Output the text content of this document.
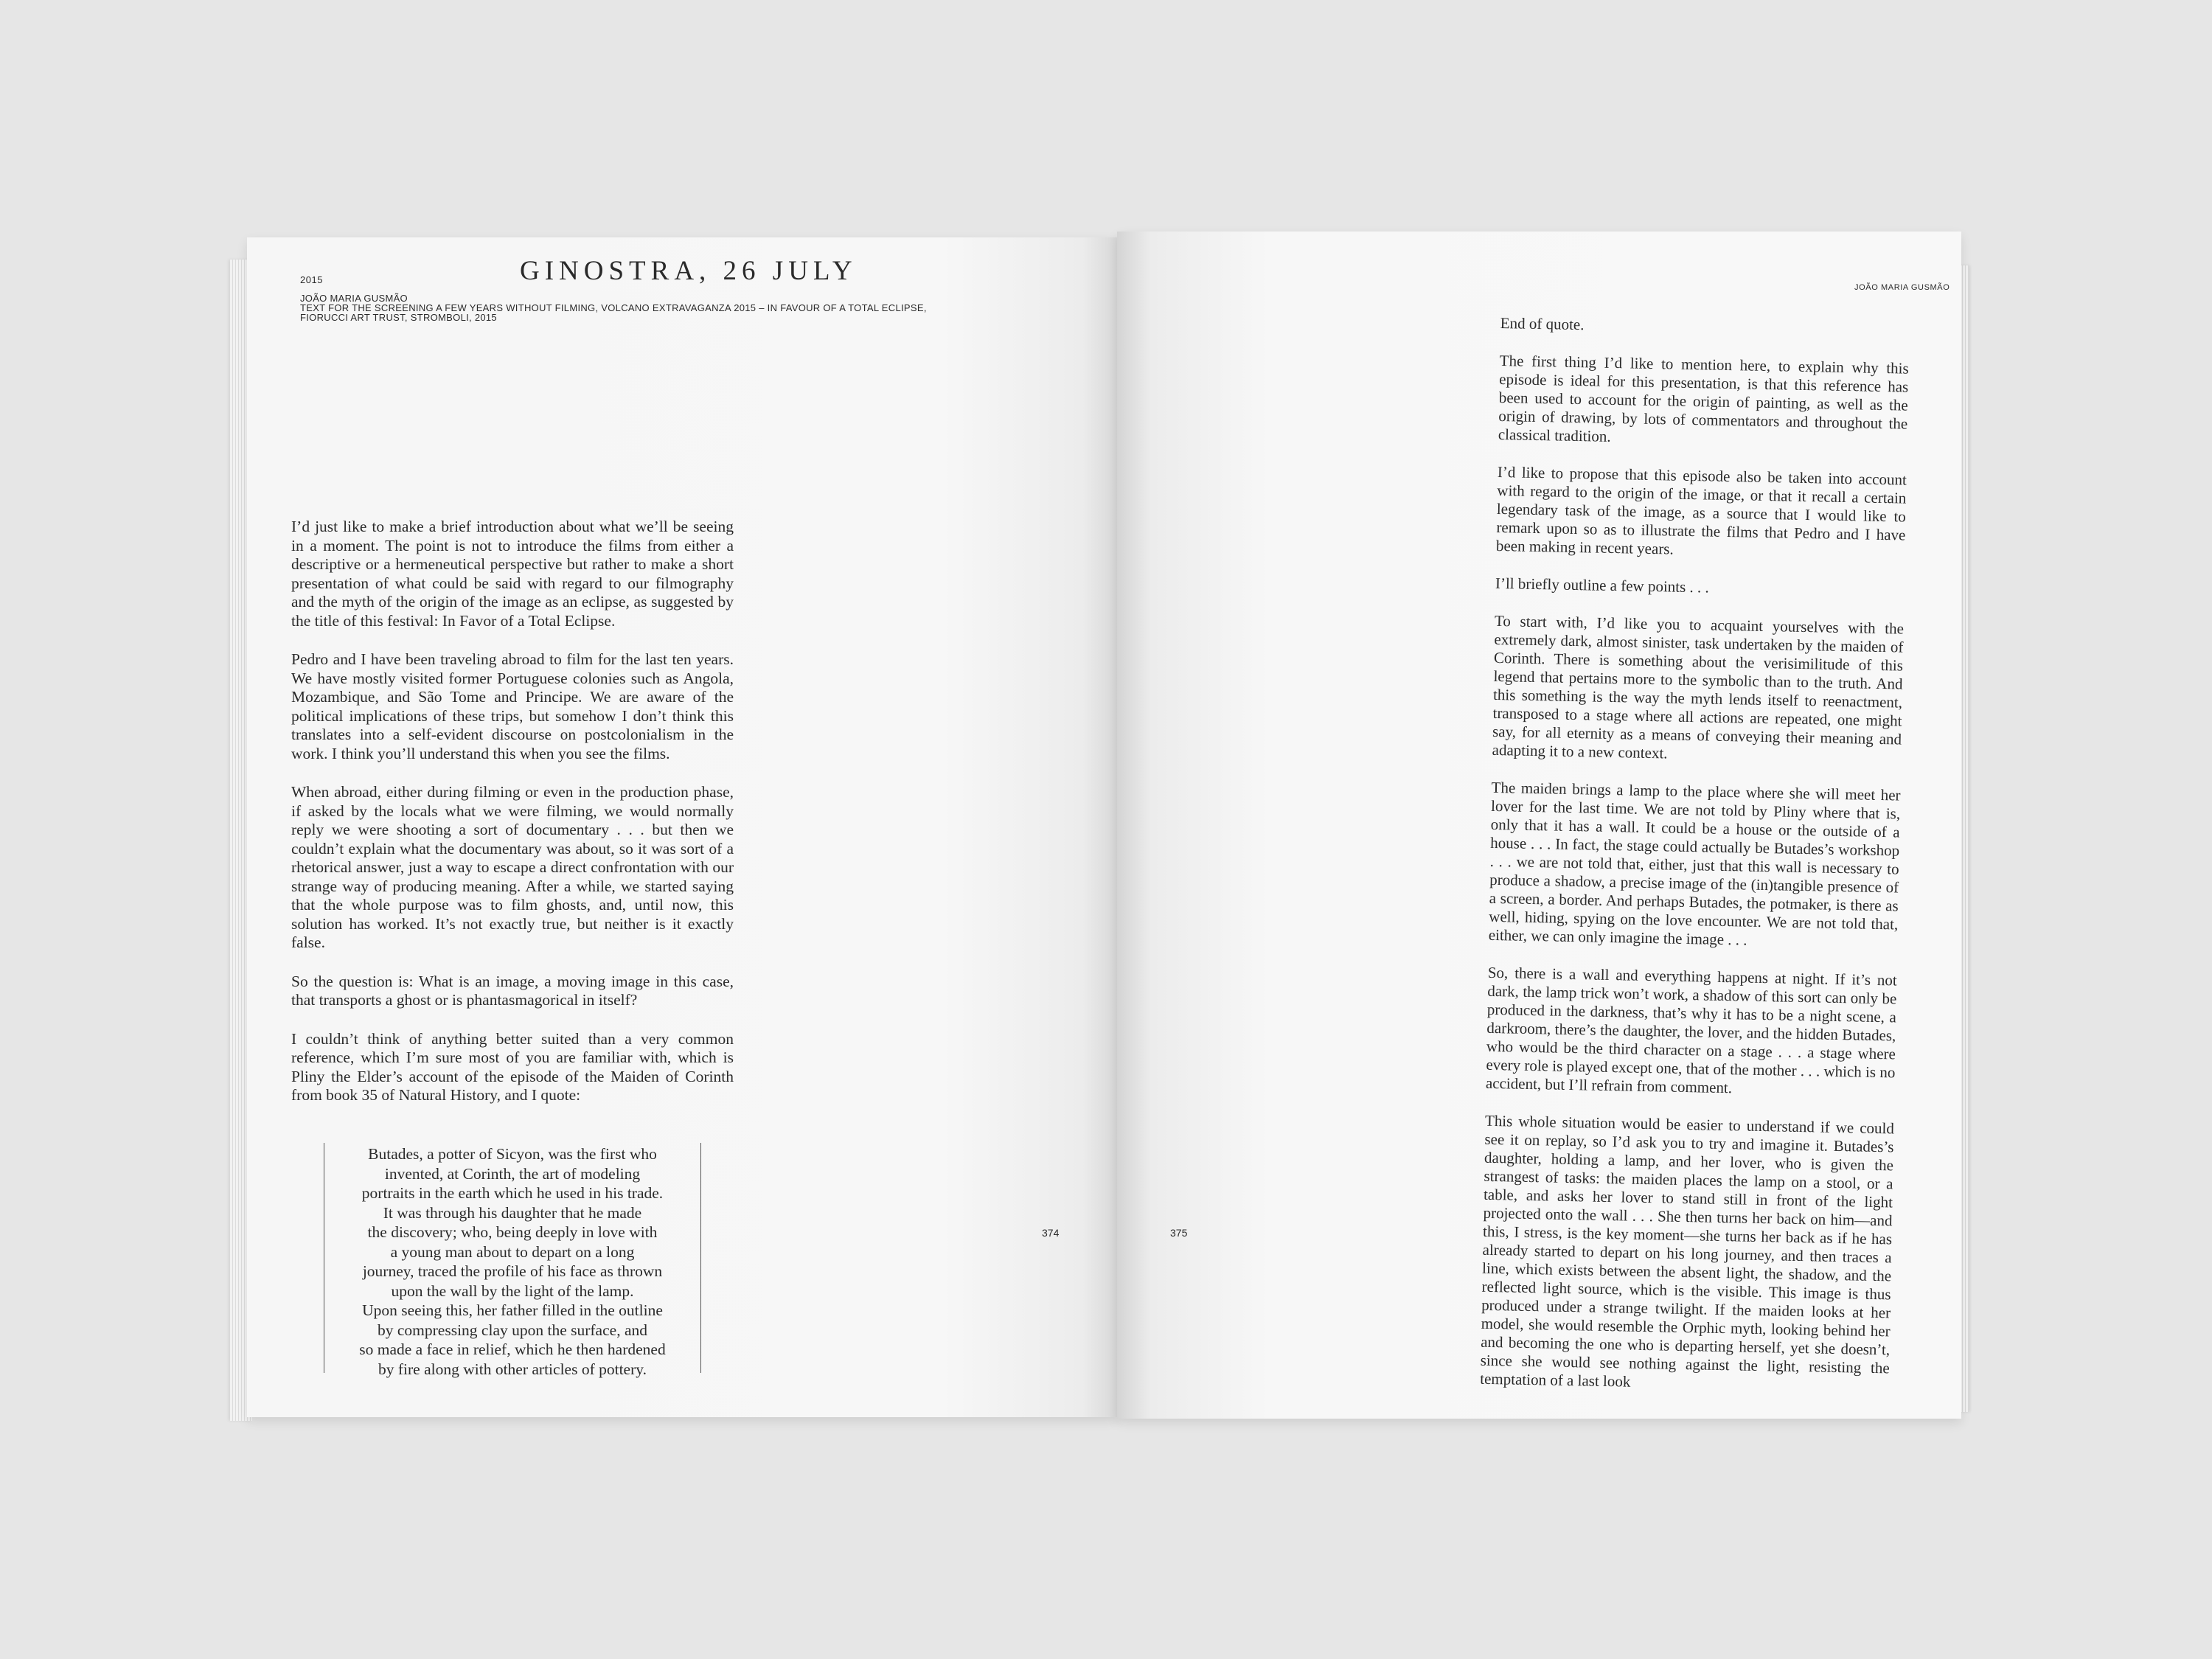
2015	GINOSTRA, 26 JULY
JOÃO MARIA GUSMÃO
TEXT FOR THE SCREENING A FEW YEARS WITHOUT FILMING, VOLCANO EXTRAVAGANZA 2015 – IN FAVOUR OF A TOTAL ECLIPSE,
FIORUCCI ART TRUST, STROMBOLI, 2015

I’d just like to make a brief introduction about what we’ll be seeing in a moment. The point is not to introduce the films from either a descriptive or a hermeneutical perspective but rather to make a short presentation of what could be said with regard to our filmography and the myth of the origin of the image as an eclipse, as suggested by the title of this festival: In Favor of a Total Eclipse.

Pedro and I have been traveling abroad to film for the last ten years. We have mostly visited former Portuguese colonies such as Angola, Mozambique, and São Tome and Principe. We are aware of the political implications of these trips, but somehow I don’t think this translates into a self-evident discourse on postcolonialism in the work. I think you’ll understand this when you see the films.

When abroad, either during filming or even in the production phase, if asked by the locals what we were filming, we would normally reply we were shooting a sort of documentary . . . but then we couldn’t explain what the documentary was about, so it was sort of a rhetorical answer, just a way to escape a direct confrontation with our strange way of producing meaning. After a while, we started saying that the whole purpose was to film ghosts, and, until now, this solution has worked. It’s not exactly true, but neither is it exactly false.

So the question is: What is an image, a moving image in this case, that transports a ghost or is phantasmagorical in itself?

I couldn’t think of anything better suited than a very common reference, which I’m sure most of you are familiar with, which is Pliny the Elder’s account of the episode of the Maiden of Corinth from book 35 of Natural History, and I quote:

Butades, a potter of Sicyon, was the first who
invented, at Corinth, the art of modeling
portraits in the earth which he used in his trade.
It was through his daughter that he made
the discovery; who, being deeply in love with
a young man about to depart on a long
journey, traced the profile of his face as thrown
upon the wall by the light of the lamp.
Upon seeing this, her father filled in the outline
by compressing clay upon the surface, and
so made a face in relief, which he then hardened
by fire along with other articles of pottery.
374
JOÃO MARIA GUSMÃO

End of quote.

The first thing I’d like to mention here, to explain why this episode is ideal for this presentation, is that this reference has been used to account for the origin of painting, as well as the origin of drawing, by lots of commentators and throughout the classical tradition.

I’d like to propose that this episode also be taken into account with regard to the origin of the image, or that it recall a certain legendary task of the image, as a source that I would like to remark upon so as to illustrate the films that Pedro and I have been making in recent years.

I’ll briefly outline a few points . . .

To start with, I’d like you to acquaint yourselves with the extremely dark, almost sinister, task undertaken by the maiden of Corinth. There is something about the verisimilitude of this legend that pertains more to the symbolic than to the truth. And this something is the way the myth lends itself to reenactment, transposed to a stage where all actions are repeated, one might say, for all eternity as a means of conveying their meaning and adapting it to a new context.

The maiden brings a lamp to the place where she will meet her lover for the last time. We are not told by Pliny where that is, only that it has a wall. It could be a house or the outside of a house . . . In fact, the stage could actually be Butades’s workshop . . . we are not told that, either, just that this wall is necessary to produce a shadow, a precise image of the (in)tangible presence of a screen, a border. And perhaps Butades, the potmaker, is there as well, hiding, spying on the love encounter. We are not told that, either, we can only imagine the image . . .

So, there is a wall and everything happens at night. If it’s not dark, the lamp trick won’t work, a shadow of this sort can only be produced in the darkness, that’s why it has to be a night scene, a darkroom, there’s the daughter, the lover, and the hidden Butades, who would be the third character on a stage . . . a stage where every role is played except one, that of the mother . . . which is no accident, but I’ll refrain from comment.

This whole situation would be easier to understand if we could see it on replay, so I’d ask you to try and imagine it. Butades’s daughter, holding a lamp, and her lover, who is given the strangest of tasks: the maiden places the lamp on a stool, or a table, and asks her lover to stand still in front of the light projected onto the wall . . . She then turns her back on him—and this, I stress, is the key moment—she turns her back as if he has already started to depart on his long journey, and then traces a line, which exists between the absent light, the shadow, and the reflected light source, which is the visible. This image is thus produced under a strange twilight. If the maiden looks at her model, she would resemble the Orphic myth, looking behind her and becoming the one who is departing herself, yet she doesn’t, since she would see nothing against the light, resisting the temptation of a last look

375
